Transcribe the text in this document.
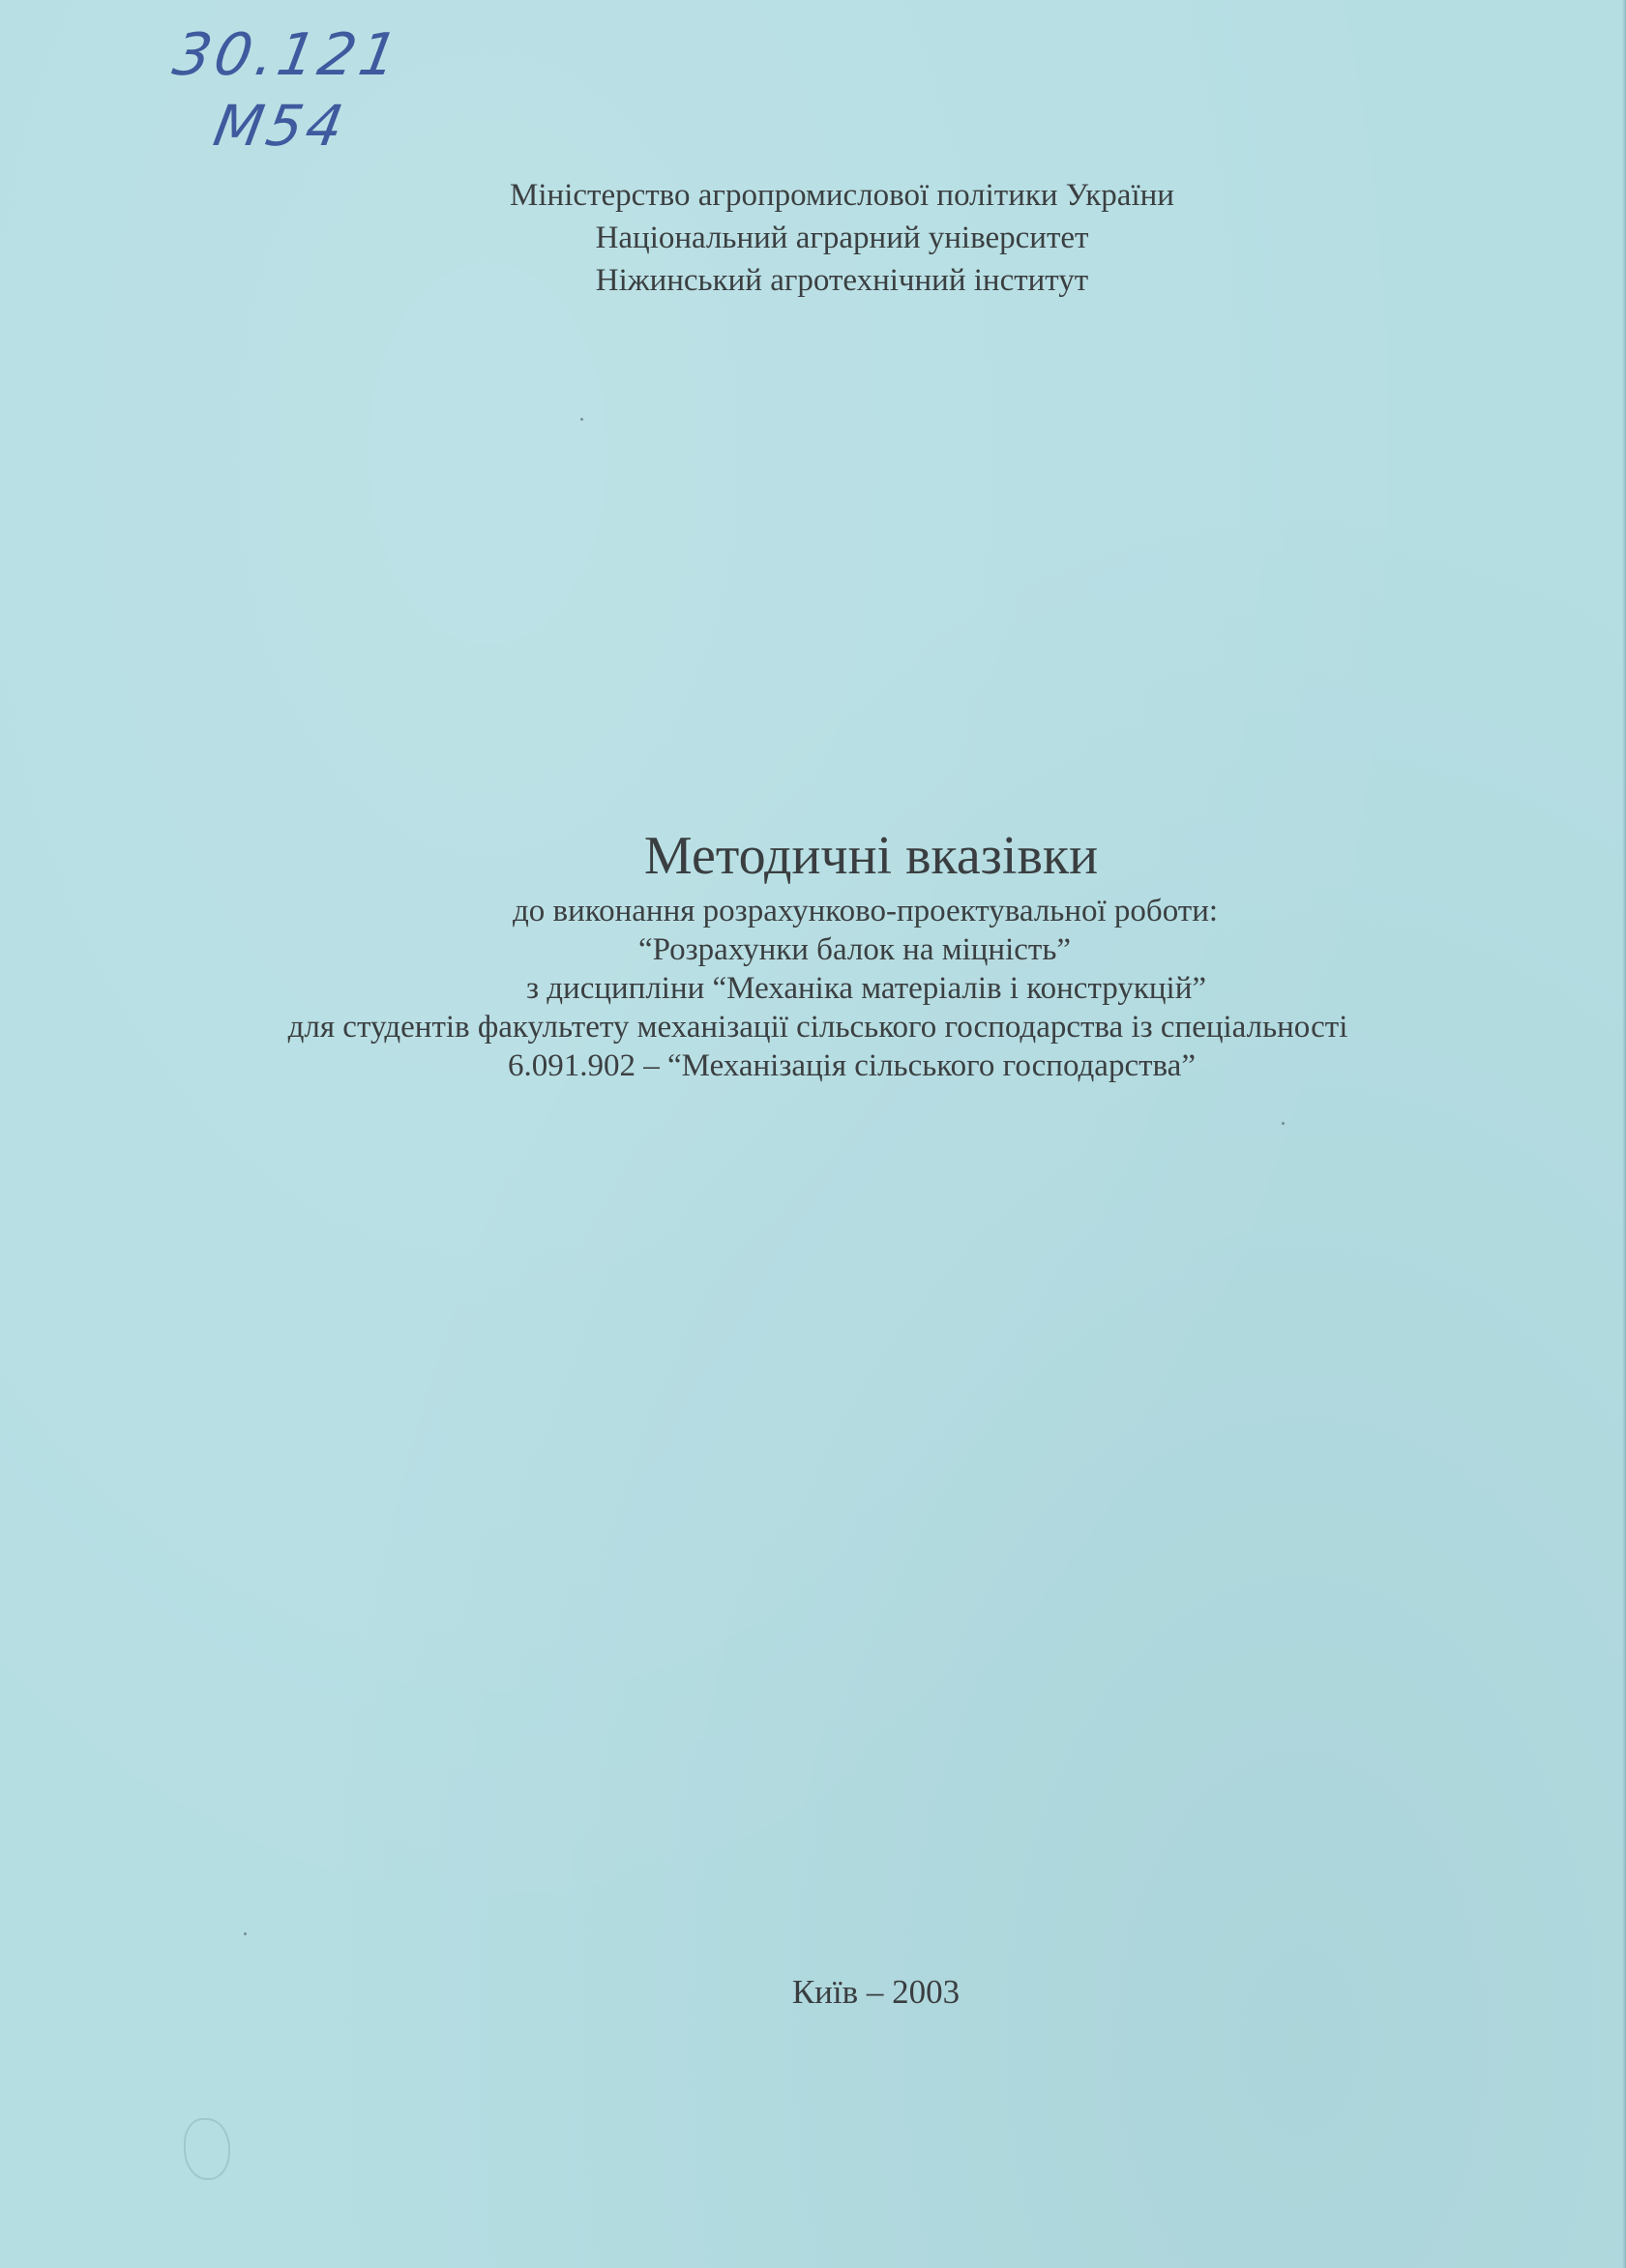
30.121
М54
Міністерство агропромислової політики України
Національний аграрний університет
Ніжинський агротехнічний інститут
Методичні вказівки
до виконання розрахунково-проектувальної роботи:
“Розрахунки балок на міцність”
з дисципліни “Механіка матеріалів і конструкцій”
для студентів факультету механізації сільського господарства із спеціальності
6.091.902 – “Механізація сільського господарства”
Київ – 2003
